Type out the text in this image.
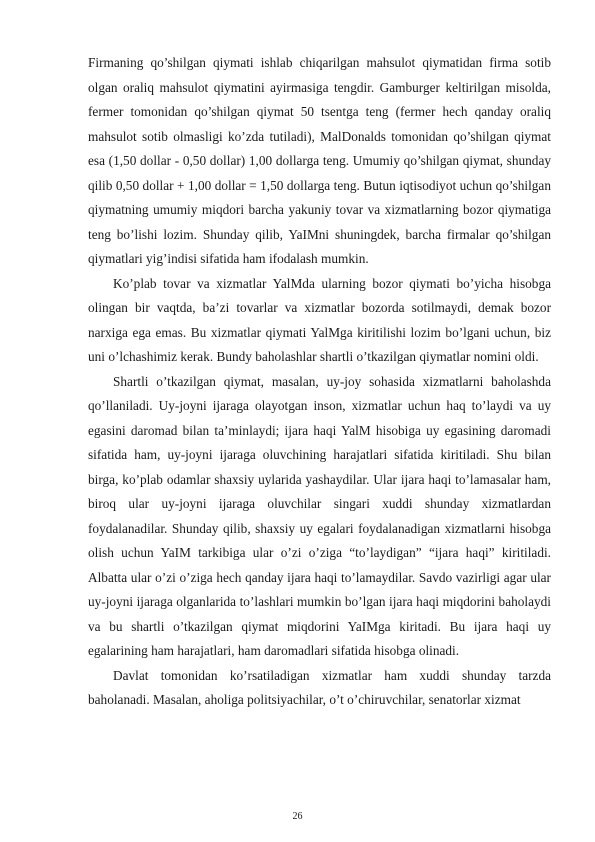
Firmaning qo’shilgan qiymati ishlab chiqarilgan mahsulot qiymatidan firma sotib olgan oraliq mahsulot qiymatini ayirmasiga tengdir. Gamburger keltirilgan misolda, fermer tomonidan qo’shilgan qiymat 50 tsentga teng (fermer hech qanday oraliq mahsulot sotib olmasligi ko’zda tutiladi), MalDonalds tomonidan qo’shilgan qiymat esa (1,50 dollar - 0,50 dollar) 1,00 dollarga teng. Umumiy qo’shilgan qiymat, shunday qilib 0,50 dollar + 1,00 dollar = 1,50 dollarga teng. Butun iqtisodiyot uchun qo’shilgan qiymatning umumiy miqdori barcha yakuniy tovar va xizmatlarning bozor qiymatiga teng bo’lishi lozim. Shunday qilib, YaIMni shuningdek, barcha firmalar qo’shilgan qiymatlari yig’indisi sifatida ham ifodalash mumkin.

Ko’plab tovar va xizmatlar YalMda ularning bozor qiymati bo’yicha hisobga olingan bir vaqtda, ba’zi tovarlar va xizmatlar bozorda sotilmaydi, demak bozor narxiga ega emas. Bu xizmatlar qiymati YalMga kiritilishi lozim bo’lgani uchun, biz uni o’lchashimiz kerak. Bundy baholashlar shartli o’tkazilgan qiymatlar nomini oldi.

Shartli o’tkazilgan qiymat, masalan, uy-joy sohasida xizmatlarni baholashda qo’llaniladi. Uy-joyni ijaraga olayotgan inson, xizmatlar uchun haq to’laydi va uy egasini daromad bilan ta’minlaydi; ijara haqi YalM hisobiga uy egasining daromadi sifatida ham, uy-joyni ijaraga oluvchining harajatlari sifatida kiritiladi. Shu bilan birga, ko’plab odamlar shaxsiy uylarida yashaydilar. Ular ijara haqi to’lamasalar ham, biroq ular uy-joyni ijaraga oluvchilar singari xuddi shunday xizmatlardan foydalanadilar. Shunday qilib, shaxsiy uy egalari foydalanadigan xizmatlarni hisobga olish uchun YaIM tarkibiga ular o’zi o’ziga “to’laydigan” “ijara haqi” kiritiladi. Albatta ular o’zi o’ziga hech qanday ijara haqi to’lamaydilar. Savdo vazirligi agar ular uy-joyni ijaraga olganlarida to’lashlari mumkin bo’lgan ijara haqi miqdorini baholaydi va bu shartli o’tkazilgan qiymat miqdorini YaIMga kiritadi. Bu ijara haqi uy egalarining ham harajatlari, ham daromadlari sifatida hisobga olinadi.

Davlat tomonidan ko’rsatiladigan xizmatlar ham xuddi shunday tarzda baholanadi. Masalan, aholiga politsiyachilar, o’t o’chiruvchilar, senatorlar xizmat

26
